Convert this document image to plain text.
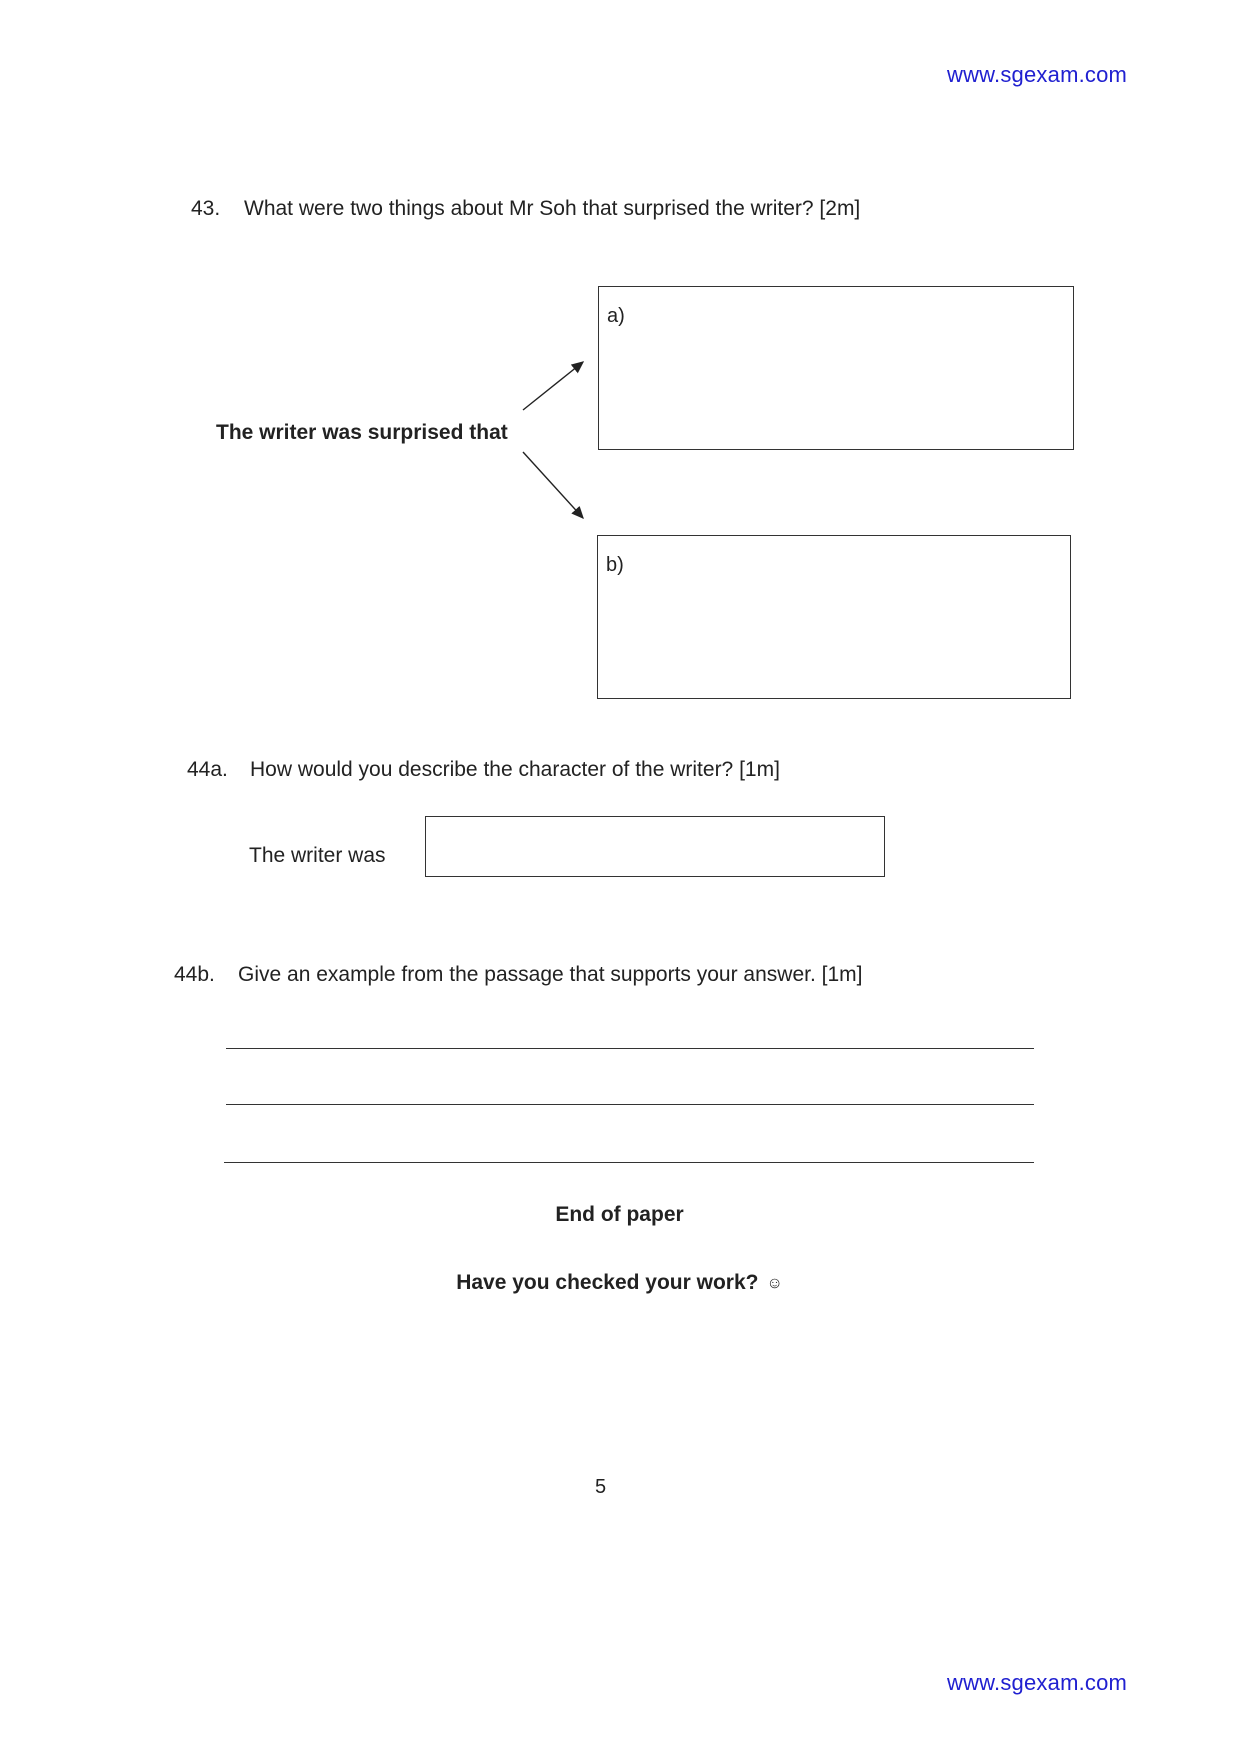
www.sgexam.com
43. What were two things about Mr Soh that surprised the writer? [2m]
The writer was surprised that
a)
b)
44a. How would you describe the character of the writer? [1m]
The writer was
44b. Give an example from the passage that supports your answer. [1m]
End of paper
Have you checked your work? ☺
5
www.sgexam.com
